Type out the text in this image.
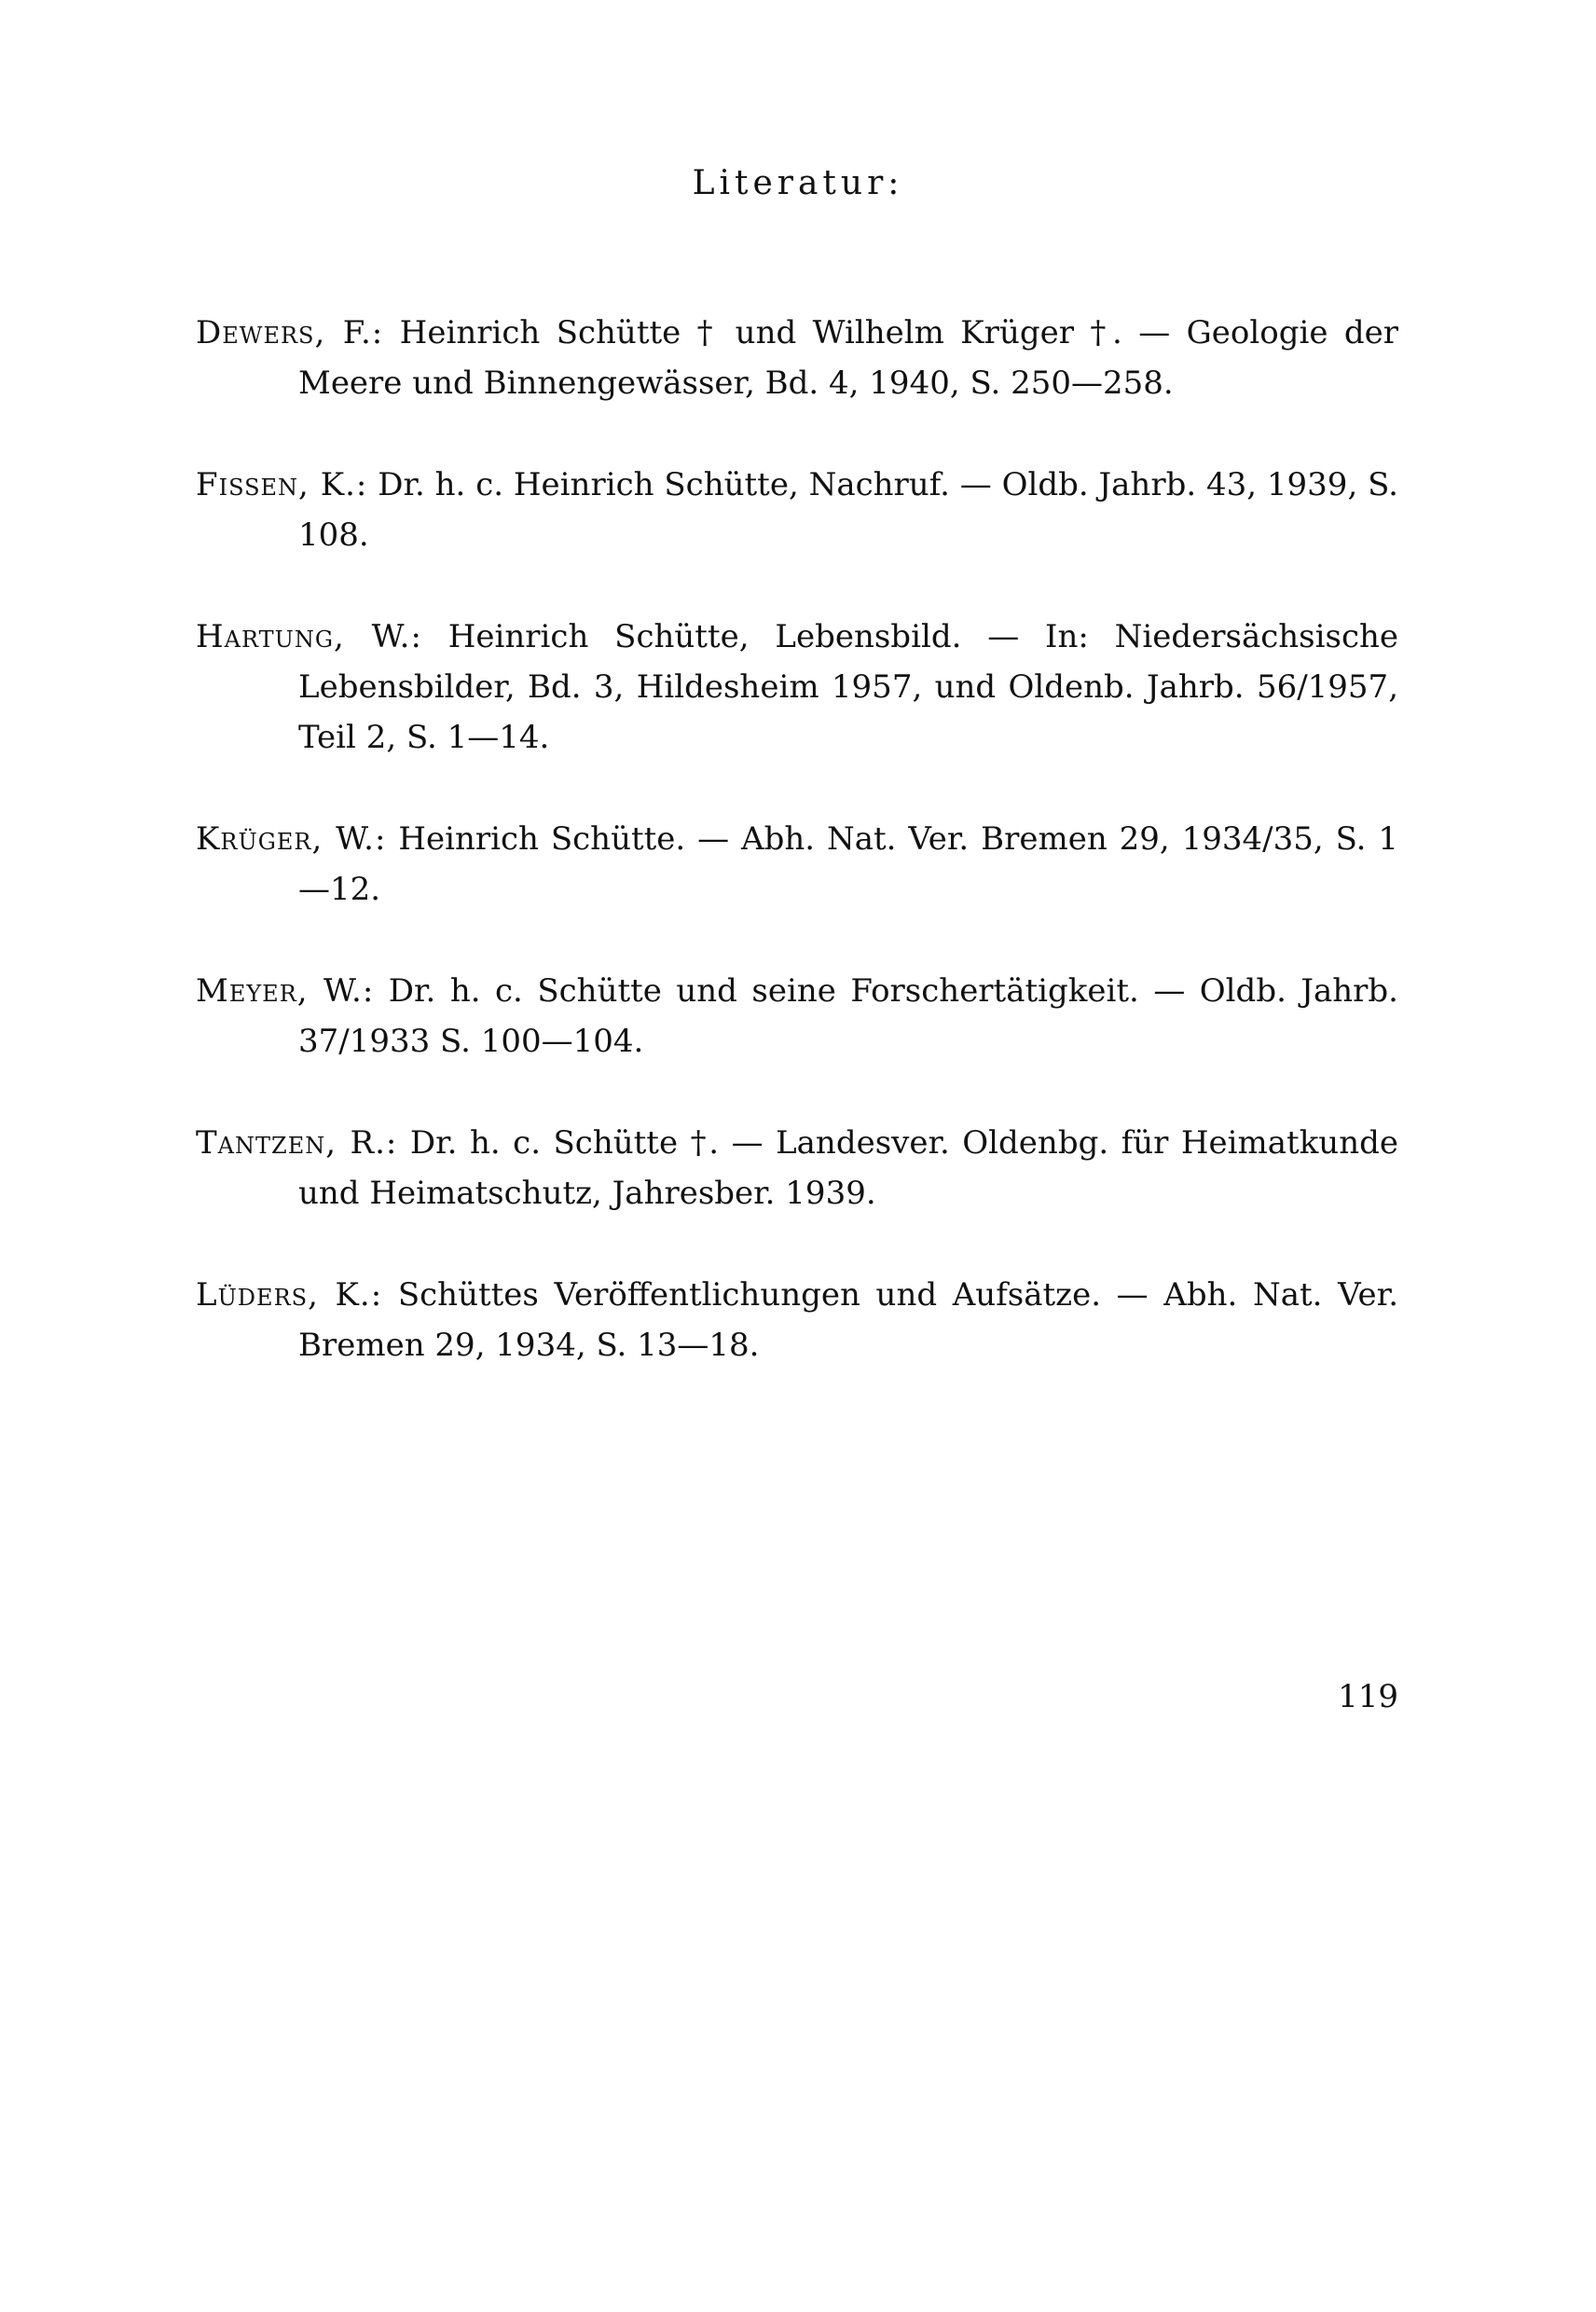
Literatur:

Dewers, F.: Heinrich Schütte † und Wilhelm Krüger †. — Geologie der Meere und Binnengewässer, Bd. 4, 1940, S. 250—258.

Fissen, K.: Dr. h. c. Heinrich Schütte, Nachruf. — Oldb. Jahrb. 43, 1939, S. 108.

Hartung, W.: Heinrich Schütte, Lebensbild. — In: Niedersächsische Lebensbilder, Bd. 3, Hildesheim 1957, und Oldenb. Jahrb. 56/1957, Teil 2, S. 1—14.

Krüger, W.: Heinrich Schütte. — Abh. Nat. Ver. Bremen 29, 1934/35, S. 1—12.

Meyer, W.: Dr. h. c. Schütte und seine Forschertätigkeit. — Oldb. Jahrb. 37/1933 S. 100—104.

Tantzen, R.: Dr. h. c. Schütte †. — Landesver. Oldenbg. für Heimatkunde und Heimatschutz, Jahresber. 1939.

Lüders, K.: Schüttes Veröffentlichungen und Aufsätze. — Abh. Nat. Ver. Bremen 29, 1934, S. 13—18.

119
